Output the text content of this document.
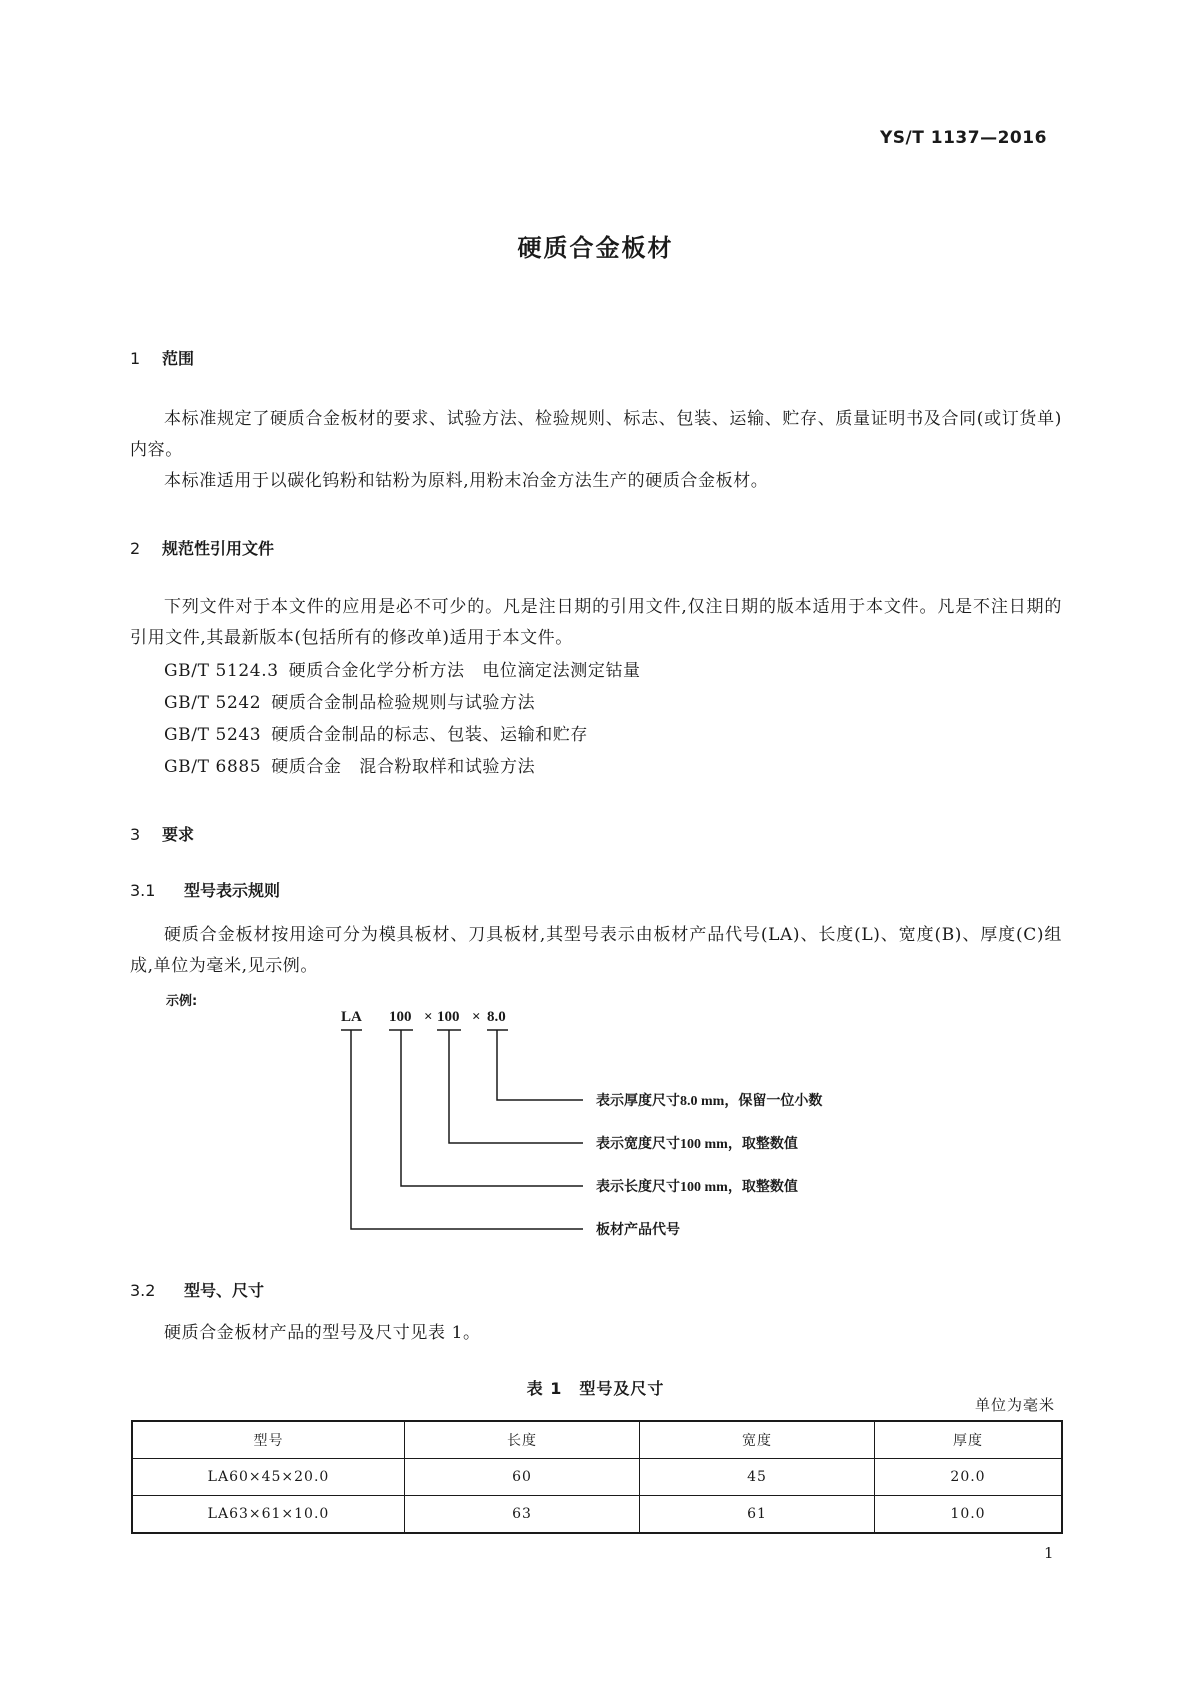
YS/T 1137—2016
硬质合金板材
1 范围

本标准规定了硬质合金板材的要求、试验方法、检验规则、标志、包装、运输、贮存、质量证明书及合同(或订货单)内容。

本标准适用于以碳化钨粉和钴粉为原料,用粉末冶金方法生产的硬质合金板材。

2 规范性引用文件

下列文件对于本文件的应用是必不可少的。凡是注日期的引用文件,仅注日期的版本适用于本文件。凡是不注日期的引用文件,其最新版本(包括所有的修改单)适用于本文件。

GB/T 5124.3 硬质合金化学分析方法　电位滴定法测定钴量
GB/T 5242 硬质合金制品检验规则与试验方法
GB/T 5243 硬质合金制品的标志、包装、运输和贮存
GB/T 6885 硬质合金　混合粉取样和试验方法
3 要求
3.1 型号表示规则

硬质合金板材按用途可分为模具板材、刀具板材,其型号表示由板材产品代号(LA)、长度(L)、宽度(B)、厚度(C)组成,单位为毫米,见示例。

示例:
LA 100 × 100 × 8.0
表示厚度尺寸8.0 mm，保留一位小数
表示宽度尺寸100 mm，取整数值
表示长度尺寸100 mm，取整数值
板材产品代号
3.2 型号、尺寸

硬质合金板材产品的型号及尺寸见表 1。

表 1　型号及尺寸
单位为毫米
型号	长度	宽度	厚度
LA60×45×20.0	60	45	20.0
LA63×61×10.0	63	61	10.0
1
